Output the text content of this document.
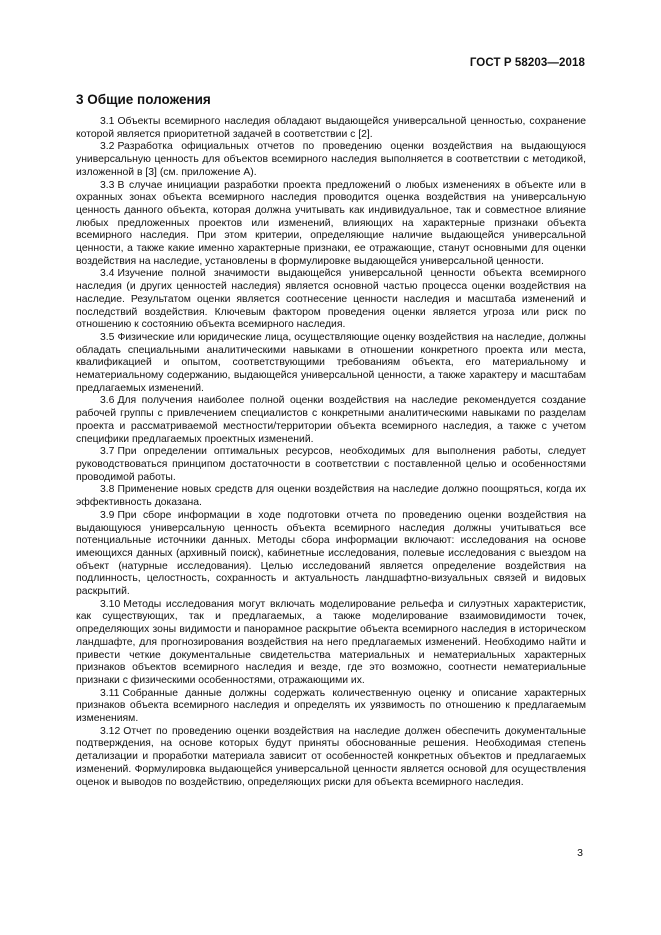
ГОСТ Р 58203—2018
3 Общие положения

3.1 Объекты всемирного наследия обладают выдающейся универсальной ценностью, сохранение которой является приоритетной задачей в соответствии с [2].

3.2 Разработка официальных отчетов по проведению оценки воздействия на выдающуюся универсальную ценность для объектов всемирного наследия выполняется в соответствии с методикой, изложенной в [3] (см. приложение А).

3.3 В случае инициации разработки проекта предложений о любых изменениях в объекте или в охранных зонах объекта всемирного наследия проводится оценка воздействия на универсальную ценность данного объекта, которая должна учитывать как индивидуальное, так и совместное влияние любых предложенных проектов или изменений, влияющих на характерные признаки объекта всемирного наследия. При этом критерии, определяющие наличие выдающейся универсальной ценности, а также какие именно характерные признаки, ее отражающие, станут основными для оценки воздействия на наследие, установлены в формулировке выдающейся универсальной ценности.

3.4 Изучение полной значимости выдающейся универсальной ценности объекта всемирного наследия (и других ценностей наследия) является основной частью процесса оценки воздействия на наследие. Результатом оценки является соотнесение ценности наследия и масштаба изменений и последствий воздействия. Ключевым фактором проведения оценки является угроза или риск по отношению к состоянию объекта всемирного наследия.

3.5 Физические или юридические лица, осуществляющие оценку воздействия на наследие, должны обладать специальными аналитическими навыками в отношении конкретного проекта или места, квалификацией и опытом, соответствующими требованиям объекта, его материальному и нематериальному содержанию, выдающейся универсальной ценности, а также характеру и масштабам предлагаемых изменений.

3.6 Для получения наиболее полной оценки воздействия на наследие рекомендуется создание рабочей группы с привлечением специалистов с конкретными аналитическими навыками по разделам проекта и рассматриваемой местности/территории объекта всемирного наследия, а также с учетом специфики предлагаемых проектных изменений.

3.7 При определении оптимальных ресурсов, необходимых для выполнения работы, следует руководствоваться принципом достаточности в соответствии с поставленной целью и особенностями проводимой работы.

3.8 Применение новых средств для оценки воздействия на наследие должно поощряться, когда их эффективность доказана.

3.9 При сборе информации в ходе подготовки отчета по проведению оценки воздействия на выдающуюся универсальную ценность объекта всемирного наследия должны учитываться все потенциальные источники данных. Методы сбора информации включают: исследования на основе имеющихся данных (архивный поиск), кабинетные исследования, полевые исследования с выездом на объект (натурные исследования). Целью исследований является определение воздействия на подлинность, целостность, сохранность и актуальность ландшафтно-визуальных связей и видовых раскрытий.

3.10 Методы исследования могут включать моделирование рельефа и силуэтных характеристик, как существующих, так и предлагаемых, а также моделирование взаимовидимости точек, определяющих зоны видимости и панорамное раскрытие объекта всемирного наследия в историческом ландшафте, для прогнозирования воздействия на него предлагаемых изменений. Необходимо найти и привести четкие документальные свидетельства материальных и нематериальных характерных признаков объектов всемирного наследия и везде, где это возможно, соотнести нематериальные признаки с физическими особенностями, отражающими их.

3.11 Собранные данные должны содержать количественную оценку и описание характерных признаков объекта всемирного наследия и определять их уязвимость по отношению к предлагаемым изменениям.

3.12 Отчет по проведению оценки воздействия на наследие должен обеспечить документальные подтверждения, на основе которых будут приняты обоснованные решения. Необходимая степень детализации и проработки материала зависит от особенностей конкретных объектов и предлагаемых изменений. Формулировка выдающейся универсальной ценности является основой для осуществления оценок и выводов по воздействию, определяющих риски для объекта всемирного наследия.

3
